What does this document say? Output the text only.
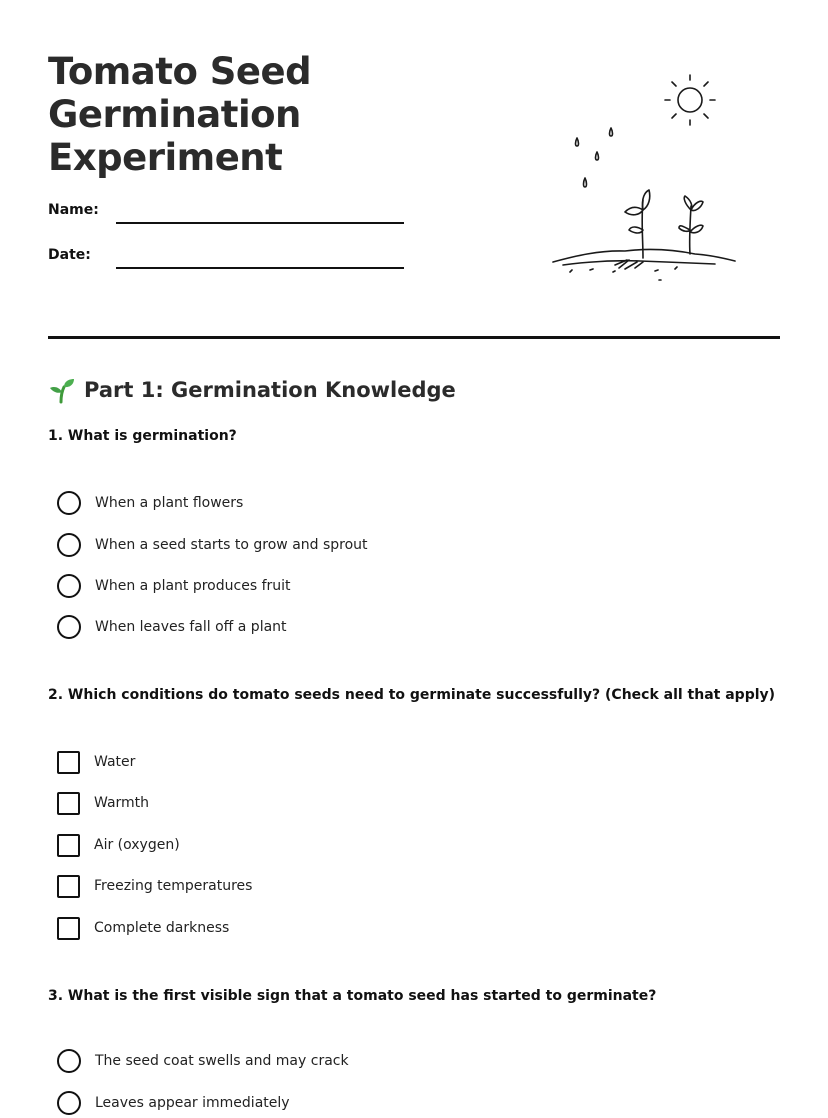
Tomato Seed Germination Experiment
Name:
Date:
Part 1: Germination Knowledge

1. What is germination?

When a plant flowers
When a seed starts to grow and sprout
When a plant produces fruit
When leaves fall off a plant

2. Which conditions do tomato seeds need to germinate successfully? (Check all that apply)

Water
Warmth
Air (oxygen)
Freezing temperatures
Complete darkness

3. What is the first visible sign that a tomato seed has started to germinate?

The seed coat swells and may crack
Leaves appear immediately
